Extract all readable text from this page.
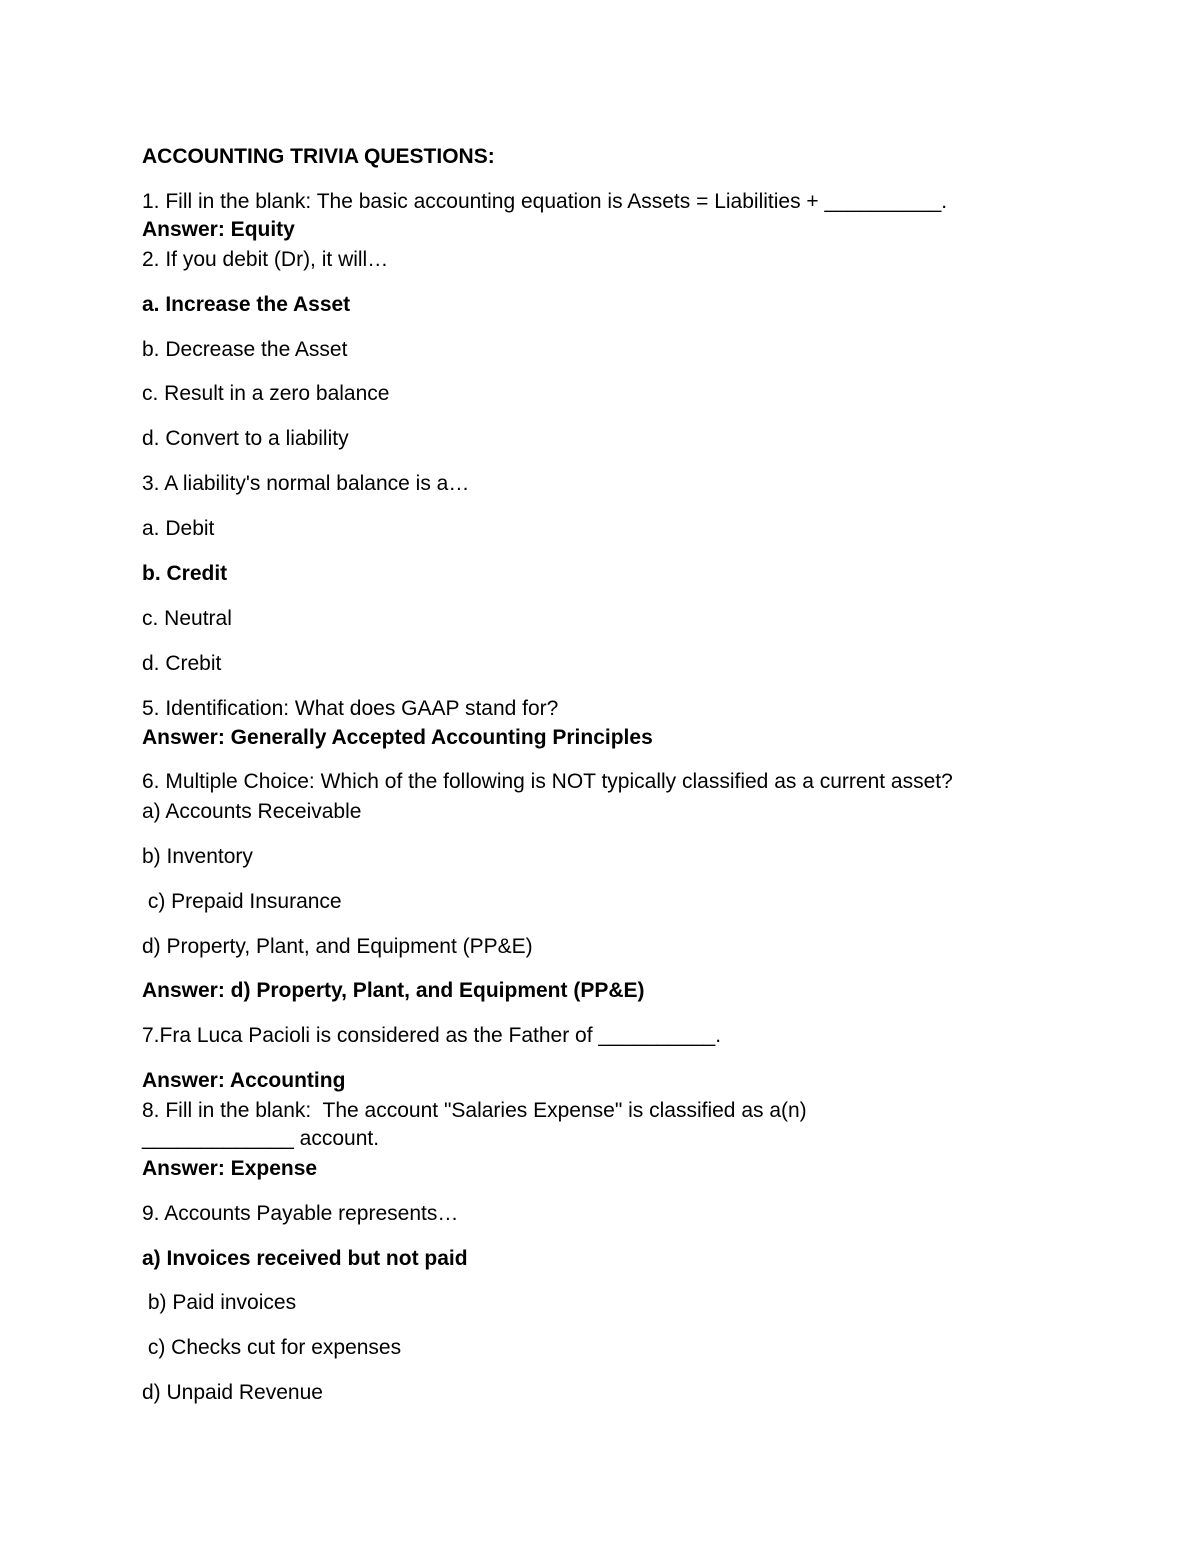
ACCOUNTING TRIVIA QUESTIONS:

1. Fill in the blank: The basic accounting equation is Assets = Liabilities + __________.

Answer: Equity

2. If you debit (Dr), it will…

a. Increase the Asset

b. Decrease the Asset

c. Result in a zero balance

d. Convert to a liability

3. A liability's normal balance is a…

a. Debit

b. Credit

c. Neutral

d. Crebit

5. Identification: What does GAAP stand for?

Answer: Generally Accepted Accounting Principles

6. Multiple Choice: Which of the following is NOT typically classified as a current asset?

a) Accounts Receivable

b) Inventory

c) Prepaid Insurance

d) Property, Plant, and Equipment (PP&E)

Answer: d) Property, Plant, and Equipment (PP&E)

7.Fra Luca Pacioli is considered as the Father of __________.

Answer: Accounting

8. Fill in the blank:  The account "Salaries Expense" is classified as a(n)

_____________ account.

Answer: Expense

9. Accounts Payable represents…

a) Invoices received but not paid

b) Paid invoices

c) Checks cut for expenses

d) Unpaid Revenue
